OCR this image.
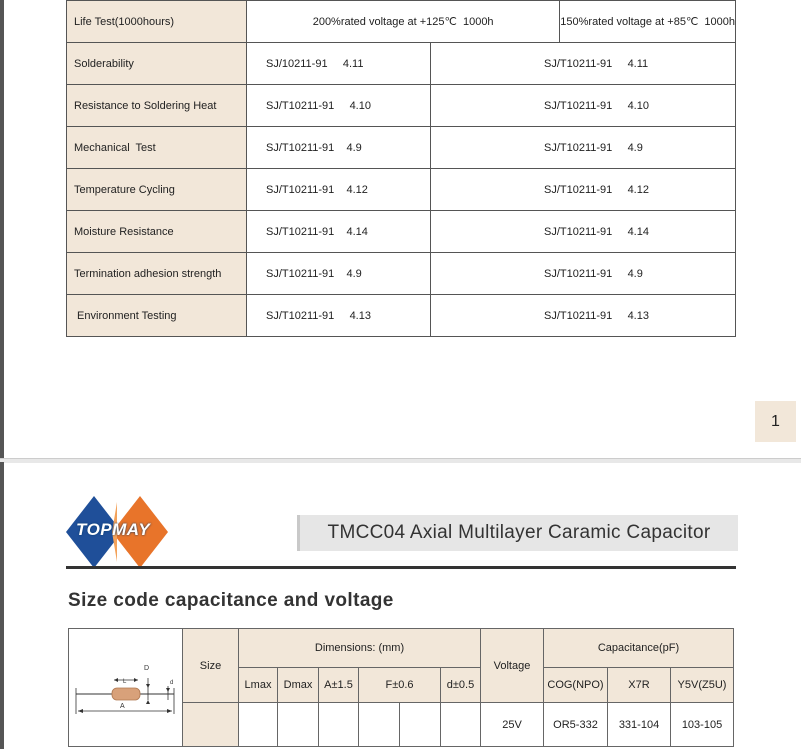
Life Test(1000hours)	200%rated voltage at +125℃  1000h		150%rated voltage at +85℃  1000h
Solderability	SJ/10211-91     4.11	SJ/T10211-91     4.11	
Resistance to Soldering Heat	SJ/T10211-91     4.10	SJ/T10211-91     4.10	
Mechanical  Test	SJ/T10211-91    4.9	SJ/T10211-91     4.9	
Temperature Cycling	SJ/T10211-91    4.12	SJ/T10211-91     4.12	
Moisture Resistance	SJ/T10211-91    4.14	SJ/T10211-91     4.14	
Termination adhesion strength	SJ/T10211-91    4.9	SJ/T10211-91     4.9	
Environment Testing	SJ/T10211-91     4.13	SJ/T10211-91     4.13	
1
TOPMAY	TMCC04 Axial Multilayer Caramic Capacitor
Size code capacitance and voltage
D
L d
A	Size	Dimensions: (mm)						Voltage	Capacitance(pF)		
		Lmax	Dmax	A±1.5	F±0.6		d±0.5		COG(NPO)	X7R	Y5V(Z5U)
								25V	OR5-332	331-104	103-105
